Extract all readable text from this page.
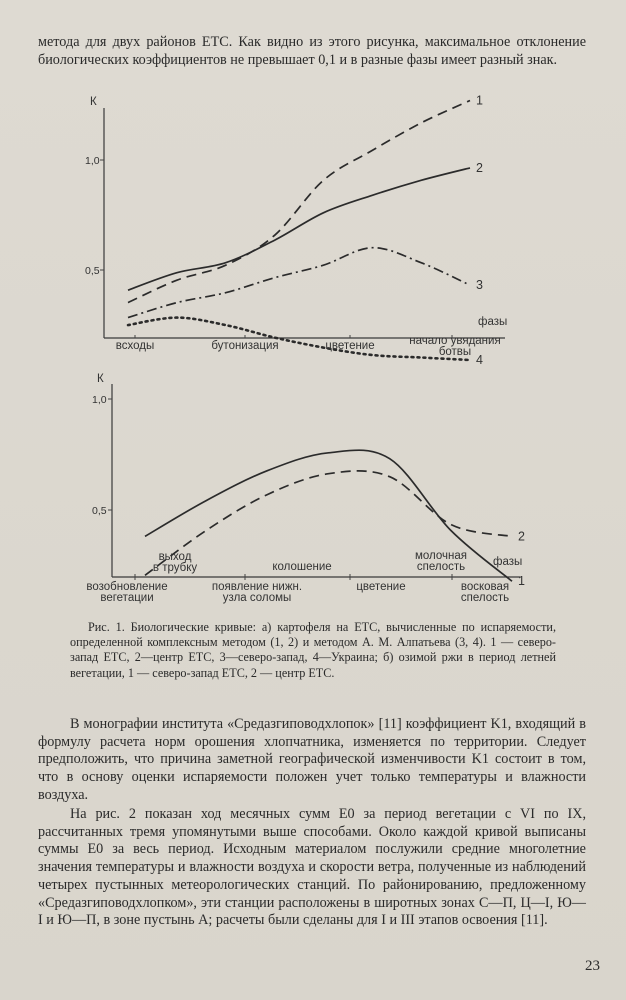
метода для двух районов ЕТС. Как видно из этого рисунка, максимальное отклонение биологических коэффициентов не превышает 0,1 и в разные фазы имеет разный знак.

К
1,0
0,5
1
2
3
4
фазы
всходы	бутонизация	цветение	начало увядания ботвы
К
1,0
0,5
1
2
фазы
выход в трубку	колошение
молочная спелость
возобновление вегетации
появление нижн. узла соломы
цветение	восковая спелость

Рис. 1. Биологические кривые: а) картофеля на ЕТС, вычисленные по испаряемости, определенной комплексным методом (1, 2) и методом А. М. Алпатьева (3, 4). 1 — северо-запад ЕТС, 2—центр ЕТС, 3—северо-запад, 4—Украина; б) озимой ржи в период летней вегетации, 1 — северо-запад ЕТС, 2 — центр ЕТС.

В монографии института «Средазгиповодхлопок» [11] коэффициент K1, входящий в формулу расчета норм орошения хлопчатника, изменяется по территории. Следует предположить, что причина заметной географической изменчивости K1 состоит в том, что в основу оценки испаряемости положен учет только температуры и влажности воздуха.

На рис. 2 показан ход месячных сумм E0 за период вегетации с VI по IX, рассчитанных тремя упомянутыми выше способами. Около каждой кривой выписаны суммы E0 за весь период. Исходным материалом послужили средние многолетние значения температуры и влажности воздуха и скорости ветра, полученные из наблюдений четырех пустынных метеорологических станций. По районированию, предложенному «Средазгиповодхлопком», эти станции расположены в широтных зонах С—П, Ц—I, Ю—I и Ю—П, в зоне пустынь А; расчеты были сделаны для I и III этапов освоения [11].

23
